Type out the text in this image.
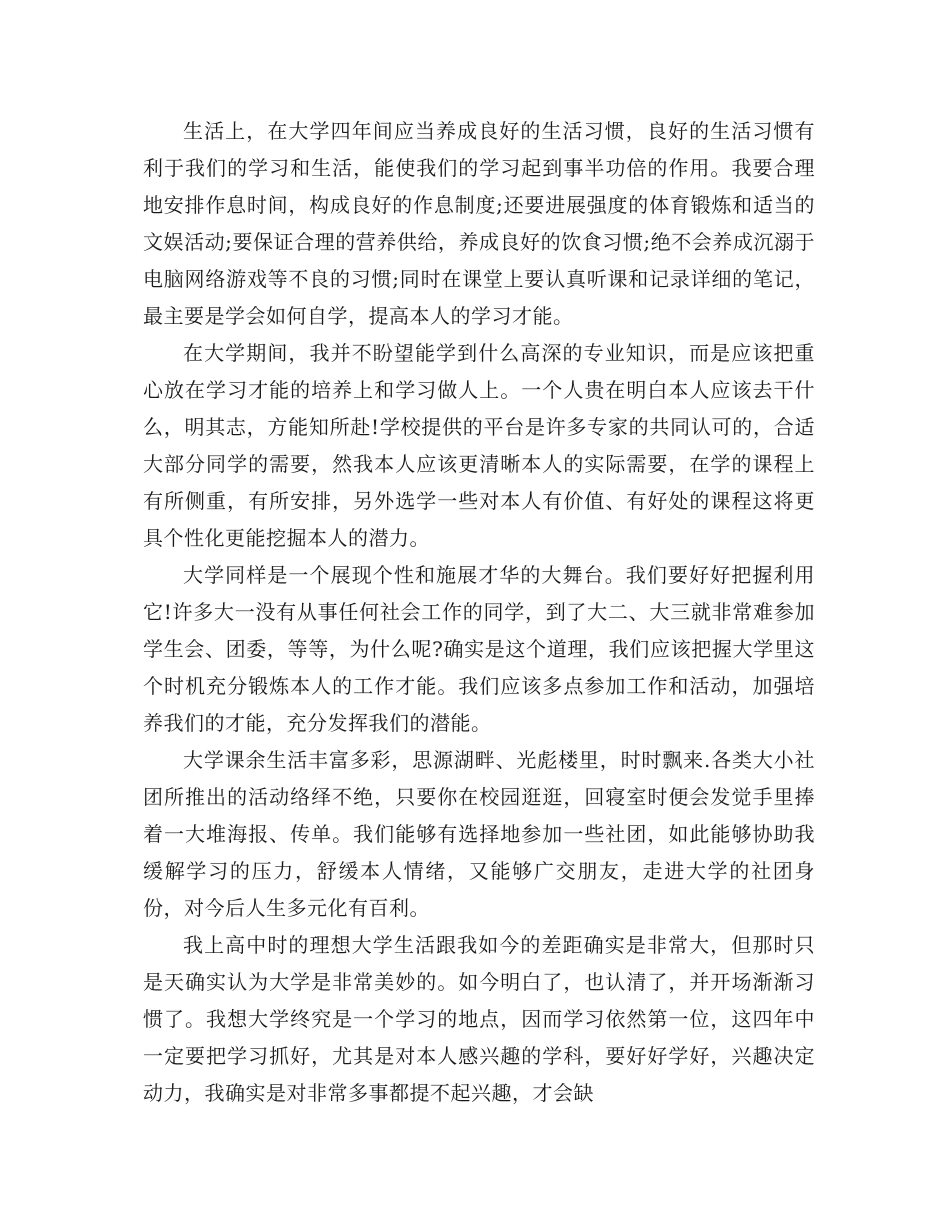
生活上，在大学四年间应当养成良好的生活习惯，良好的生活习惯有利于我们的学习和生活，能使我们的学习起到事半功倍的作用。我要合理地安排作息时间，构成良好的作息制度;还要进展强度的体育锻炼和适当的文娱活动;要保证合理的营养供给，养成良好的饮食习惯;绝不会养成沉溺于电脑网络游戏等不良的习惯;同时在课堂上要认真听课和记录详细的笔记，最主要是学会如何自学，提高本人的学习才能。

在大学期间，我并不盼望能学到什么高深的专业知识，而是应该把重心放在学习才能的培养上和学习做人上。一个人贵在明白本人应该去干什么，明其志，方能知所赴!学校提供的平台是许多专家的共同认可的，合适大部分同学的需要，然我本人应该更清晰本人的实际需要，在学的课程上有所侧重，有所安排，另外选学一些对本人有价值、有好处的课程这将更具个性化更能挖掘本人的潜力。

大学同样是一个展现个性和施展才华的大舞台。我们要好好把握利用它!许多大一没有从事任何社会工作的同学，到了大二、大三就非常难参加学生会、团委，等等，为什么呢?确实是这个道理，我们应该把握大学里这个时机充分锻炼本人的工作才能。我们应该多点参加工作和活动，加强培养我们的才能，充分发挥我们的潜能。

大学课余生活丰富多彩，思源湖畔、光彪楼里，时时飘来.各类大小社团所推出的活动络绎不绝，只要你在校园逛逛，回寝室时便会发觉手里捧着一大堆海报、传单。我们能够有选择地参加一些社团，如此能够协助我缓解学习的压力，舒缓本人情绪，又能够广交朋友，走进大学的社团身份，对今后人生多元化有百利。

我上高中时的理想大学生活跟我如今的差距确实是非常大，但那时只是天确实认为大学是非常美妙的。如今明白了，也认清了，并开场渐渐习惯了。我想大学终究是一个学习的地点，因而学习依然第一位，这四年中一定要把学习抓好，尤其是对本人感兴趣的学科，要好好学好，兴趣决定动力，我确实是对非常多事都提不起兴趣，才会缺
